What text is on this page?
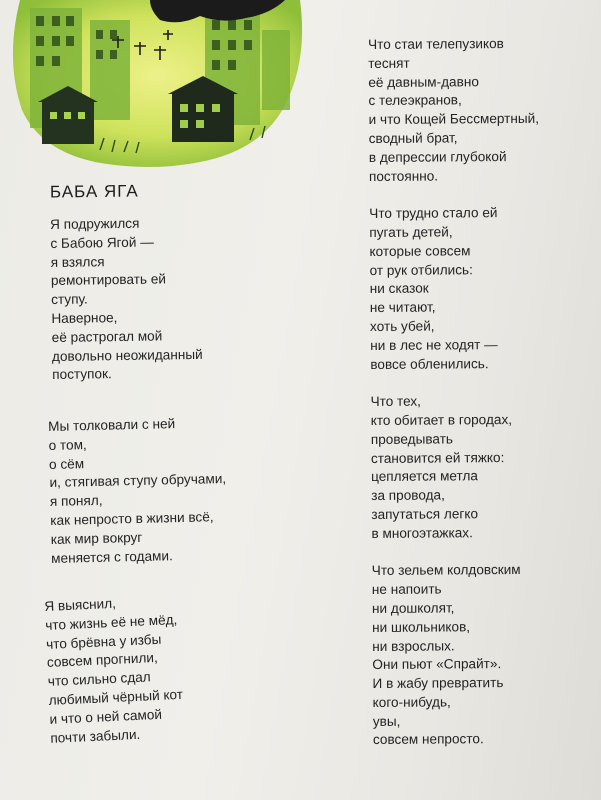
БАБА ЯГА
Я подружился
с Бабою Ягой —
я взялся
ремонтировать ей
ступу.
Наверное,
её растрогал мой
довольно неожиданный
поступок.
Мы толковали с ней
о том,
о сём
и, стягивая ступу обручами,
я понял,
как непросто в жизни всё,
как мир вокруг
меняется с годами.
Я выяснил,
что жизнь её не мёд,
что брёвна у избы
совсем прогнили,
что сильно сдал
любимый чёрный кот
и что о ней самой
почти забыли.
Что стаи телепузиков
теснят
её давным-давно
с телеэкранов,
и что Кощей Бессмертный,
сводный брат,
в депрессии глубокой
постоянно.
Что трудно стало ей
пугать детей,
которые совсем
от рук отбились:
ни сказок
не читают,
хоть убей,
ни в лес не ходят —
вовсе обленились.
Что тех,
кто обитает в городах,
проведывать
становится ей тяжко:
цепляется метла
за провода,
запутаться легко
в многоэтажках.
Что зельем колдовским
не напоить
ни дошколят,
ни школьников,
ни взрослых.
Они пьют «Спрайт».
И в жабу превратить
кого-нибудь,
увы,
совсем непросто.
